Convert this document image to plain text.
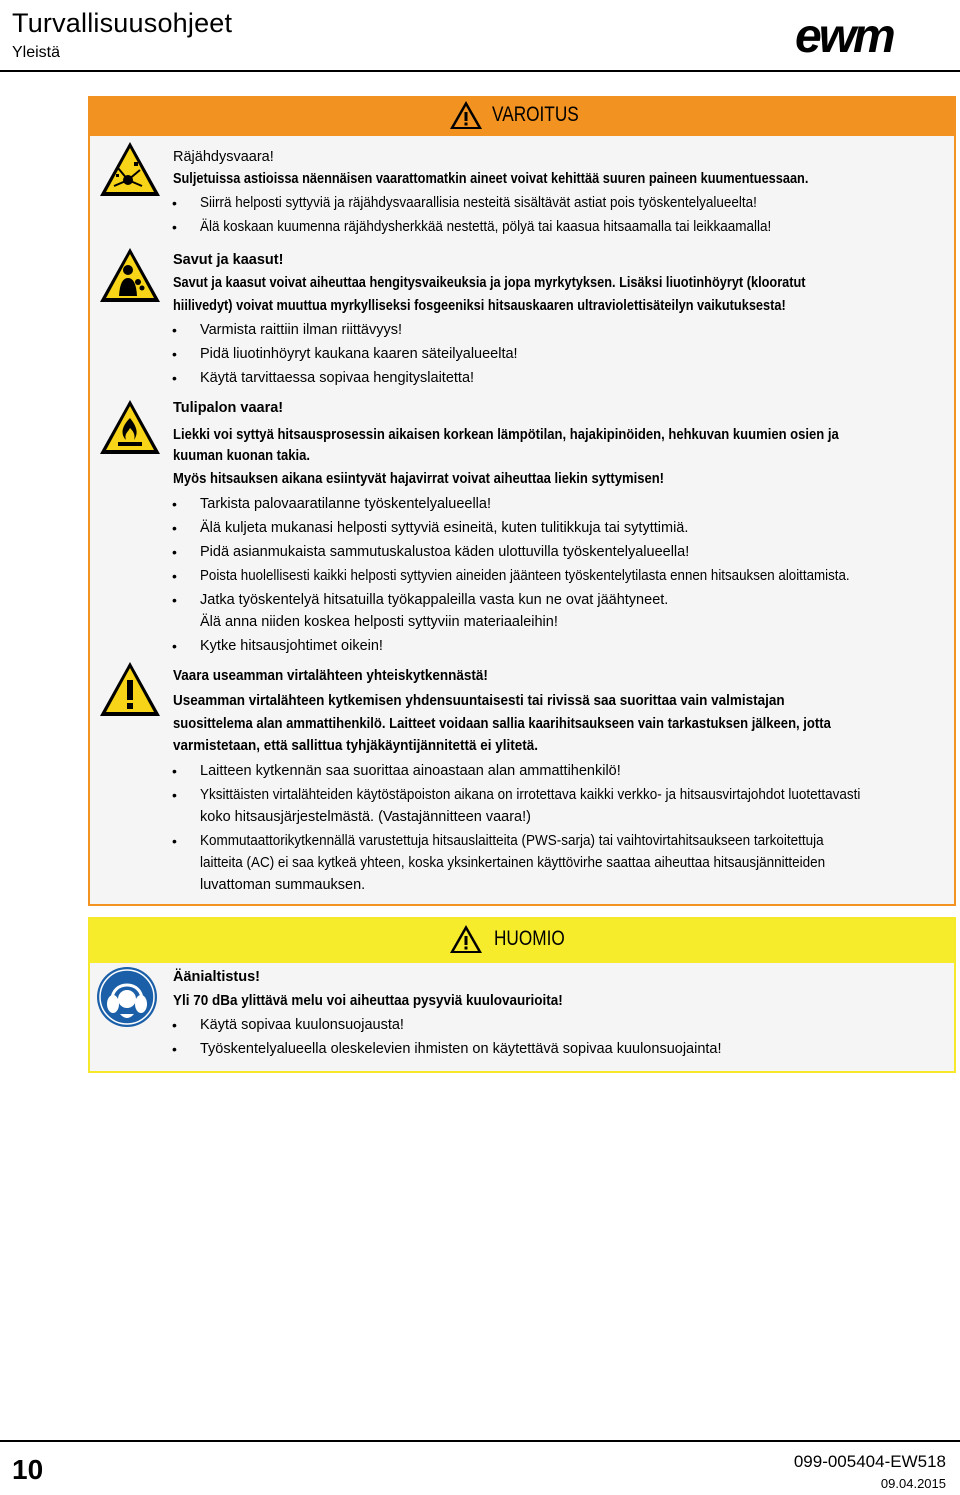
Turvallisuusohjeet
Yleistä	ewm
VAROITUS
Räjähdysvaara!
Suljetuissa astioissa näennäisen vaarattomatkin aineet voivat kehittää suuren paineen kuumentuessaan.
• Siirrä helposti syttyviä ja räjähdysvaarallisia nesteitä sisältävät astiat pois työskentelyalueelta!
• Älä koskaan kuumenna räjähdysherkkää nestettä, pölyä tai kaasua hitsaamalla tai leikkaamalla!
Savut ja kaasut!
Savut ja kaasut voivat aiheuttaa hengitysvaikeuksia ja jopa myrkytyksen. Lisäksi liuotinhöyryt (klooratut
hiilivedyt) voivat muuttua myrkylliseksi fosgeeniksi hitsauskaaren ultraviolettisäteilyn vaikutuksesta!
• Varmista raittiin ilman riittävyys!
• Pidä liuotinhöyryt kaukana kaaren säteilyalueelta!
• Käytä tarvittaessa sopivaa hengityslaitetta!
Tulipalon vaara!
Liekki voi syttyä hitsausprosessin aikaisen korkean lämpötilan, hajakipinöiden, hehkuvan kuumien osien ja
kuuman kuonan takia.
Myös hitsauksen aikana esiintyvät hajavirrat voivat aiheuttaa liekin syttymisen!
• Tarkista palovaaratilanne työskentelyalueella!
• Älä kuljeta mukanasi helposti syttyviä esineitä, kuten tulitikkuja tai sytyttimiä.
• Pidä asianmukaista sammutuskalustoa käden ulottuvilla työskentelyalueella!
• Poista huolellisesti kaikki helposti syttyvien aineiden jäänteen työskentelytilasta ennen hitsauksen aloittamista.
• Jatka työskentelyä hitsatuilla työkappaleilla vasta kun ne ovat jäähtyneet.
Älä anna niiden koskea helposti syttyviin materiaaleihin!
• Kytke hitsausjohtimet oikein!
Vaara useamman virtalähteen yhteiskytkennästä!
Useamman virtalähteen kytkemisen yhdensuuntaisesti tai rivissä saa suorittaa vain valmistajan
suosittelema alan ammattihenkilö. Laitteet voidaan sallia kaarihitsaukseen vain tarkastuksen jälkeen, jotta
varmistetaan, että sallittua tyhjäkäyntijännitettä ei ylitetä.
• Laitteen kytkennän saa suorittaa ainoastaan alan ammattihenkilö!
• Yksittäisten virtalähteiden käytöstäpoiston aikana on irrotettava kaikki verkko- ja hitsausvirtajohdot luotettavasti
koko hitsausjärjestelmästä. (Vastajännitteen vaara!)
• Kommutaattorikytkennällä varustettuja hitsauslaitteita (PWS-sarja) tai vaihtovirtahitsaukseen tarkoitettuja
laitteita (AC) ei saa kytkeä yhteen, koska yksinkertainen käyttövirhe saattaa aiheuttaa hitsausjännitteiden
luvattoman summauksen.
HUOMIO
Äänialtistus!
Yli 70 dBa ylittävä melu voi aiheuttaa pysyviä kuulovaurioita!
• Käytä sopivaa kuulonsuojausta!
• Työskentelyalueella oleskelevien ihmisten on käytettävä sopivaa kuulonsuojainta!
10	099-005404-EW518
09.04.2015
